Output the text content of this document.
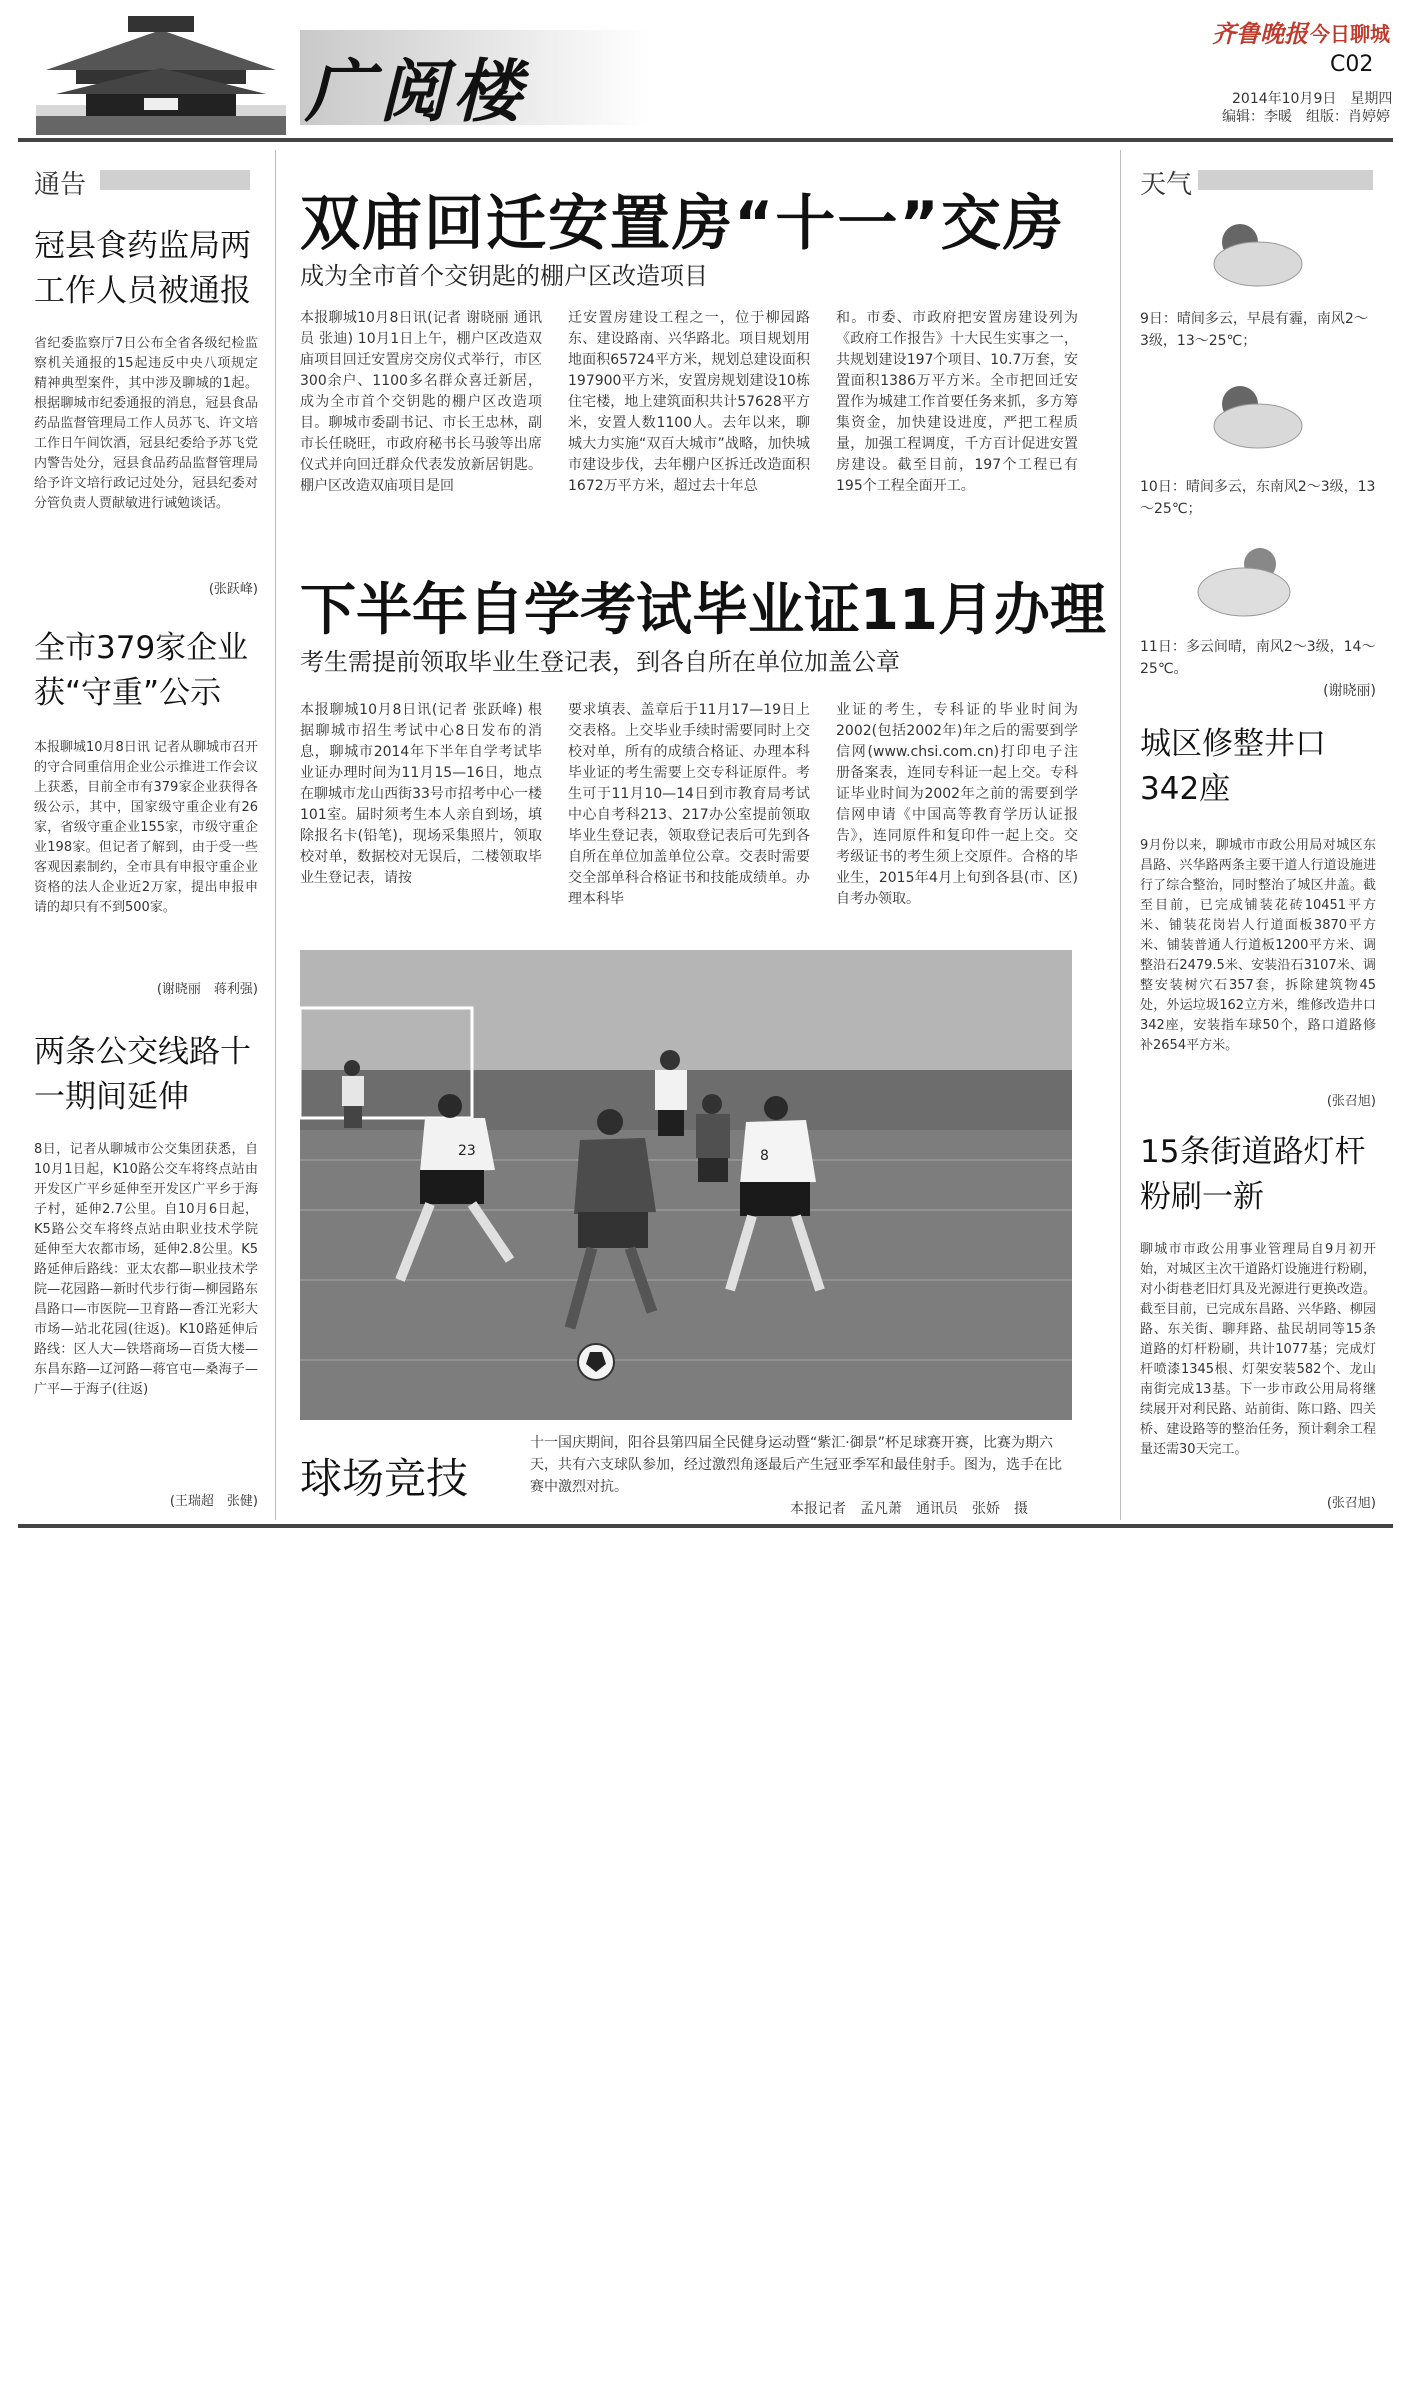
广阅楼
齐鲁晚报 今日聊城
C02
2014年10月9日　星期四
编辑：李暖　组版：肖婷婷
通告
冠县食药监局两工作人员被通报
省纪委监察厅7日公布全省各级纪检监察机关通报的15起违反中央八项规定精神典型案件，其中涉及聊城的1起。根据聊城市纪委通报的消息，冠县食品药品监督管理局工作人员苏飞、许文培工作日午间饮酒，冠县纪委给予苏飞党内警告处分，冠县食品药品监督管理局给予许文培行政记过处分，冠县纪委对分管负责人贾献敏进行诫勉谈话。
(张跃峰)
全市379家企业获“守重”公示
本报聊城10月8日讯 记者从聊城市召开的守合同重信用企业公示推进工作会议上获悉，目前全市有379家企业获得各级公示，其中，国家级守重企业有26家，省级守重企业155家，市级守重企业198家。但记者了解到，由于受一些客观因素制约，全市具有申报守重企业资格的法人企业近2万家，提出申报申请的却只有不到500家。
(谢晓丽　蒋利强)
两条公交线路十一期间延伸
8日，记者从聊城市公交集团获悉，自10月1日起，K10路公交车将终点站由开发区广平乡延伸至开发区广平乡于海子村，延伸2.7公里。自10月6日起，K5路公交车将终点站由职业技术学院延伸至大农都市场，延伸2.8公里。K5路延伸后路线：亚太农都—职业技术学院—花园路—新时代步行街—柳园路东昌路口—市医院—卫育路—香江光彩大市场—站北花园(往返)。K10路延伸后路线：区人大—铁塔商场—百货大楼—东昌东路—辽河路—蒋官屯—桑海子—广平—于海子(往返)
(王瑞超　张健)
双庙回迁安置房“十一”交房
成为全市首个交钥匙的棚户区改造项目
本报聊城10月8日讯(记者 谢晓丽 通讯员 张迪) 10月1日上午，棚户区改造双庙项目回迁安置房交房仪式举行，市区300余户、1100多名群众喜迁新居，成为全市首个交钥匙的棚户区改造项目。聊城市委副书记、市长王忠林，副市长任晓旺，市政府秘书长马骏等出席仪式并向回迁群众代表发放新居钥匙。棚户区改造双庙项目是回
迁安置房建设工程之一，位于柳园路东、建设路南、兴华路北。项目规划用地面积65724平方米，规划总建设面积197900平方米，安置房规划建设10栋住宅楼，地上建筑面积共计57628平方米，安置人数1100人。去年以来，聊城大力实施“双百大城市”战略，加快城市建设步伐，去年棚户区拆迁改造面积1672万平方米，超过去十年总
和。市委、市政府把安置房建设列为《政府工作报告》十大民生实事之一，共规划建设197个项目、10.7万套，安置面积1386万平方米。全市把回迁安置作为城建工作首要任务来抓，多方筹集资金，加快建设进度，严把工程质量，加强工程调度，千方百计促进安置房建设。截至目前，197个工程已有195个工程全面开工。
下半年自学考试毕业证11月办理
考生需提前领取毕业生登记表，到各自所在单位加盖公章
本报聊城10月8日讯(记者 张跃峰) 根据聊城市招生考试中心8日发布的消息，聊城市2014年下半年自学考试毕业证办理时间为11月15—16日，地点在聊城市龙山西街33号市招考中心一楼101室。届时须考生本人亲自到场，填除报名卡(铅笔)，现场采集照片，领取校对单，数据校对无误后，二楼领取毕业生登记表，请按
要求填表、盖章后于11月17—19日上交表格。上交毕业手续时需要同时上交校对单，所有的成绩合格证、办理本科毕业证的考生需要上交专科证原件。考生可于11月10—14日到市教育局考试中心自考科213、217办公室提前领取毕业生登记表，领取登记表后可先到各自所在单位加盖单位公章。交表时需要交全部单科合格证书和技能成绩单。办理本科毕
业证的考生，专科证的毕业时间为2002(包括2002年)年之后的需要到学信网(www.chsi.com.cn)打印电子注册备案表，连同专科证一起上交。专科证毕业时间为2002年之前的需要到学信网申请《中国高等教育学历认证报告》，连同原件和复印件一起上交。交考级证书的考生须上交原件。合格的毕业生，2015年4月上旬到各县(市、区)自考办领取。
23	8
球场竞技
十一国庆期间，阳谷县第四届全民健身运动暨“紫汇·御景”杯足球赛开赛，比赛为期六天，共有六支球队参加，经过激烈角逐最后产生冠亚季军和最佳射手。图为，选手在比赛中激烈对抗。
本报记者　孟凡萧　通讯员　张娇　摄
天气
9日：晴间多云，早晨有霾，南风2～3级，13～25℃；
10日：晴间多云，东南风2～3级，13～25℃；
11日：多云间晴，南风2～3级，14～25℃。
(谢晓丽)
城区修整井口342座
9月份以来，聊城市市政公用局对城区东昌路、兴华路两条主要干道人行道设施进行了综合整治，同时整治了城区井盖。截至目前，已完成铺装花砖10451平方米、铺装花岗岩人行道面板3870平方米、铺装普通人行道板1200平方米、调整沿石2479.5米、安装沿石3107米、调整安装树穴石357套，拆除建筑物45处，外运垃圾162立方米，维修改造井口342座，安装指车球50个，路口道路修补2654平方米。
(张召旭)
15条街道路灯杆粉刷一新
聊城市市政公用事业管理局自9月初开始，对城区主次干道路灯设施进行粉刷，对小街巷老旧灯具及光源进行更换改造。截至目前，已完成东昌路、兴华路、柳园路、东关街、聊拜路、盐民胡同等15条道路的灯杆粉刷，共计1077基；完成灯杆喷漆1345根、灯架安装582个、龙山南街完成13基。下一步市政公用局将继续展开对利民路、站前街、陈口路、四关桥、建设路等的整治任务，预计剩余工程量还需30天完工。
(张召旭)
